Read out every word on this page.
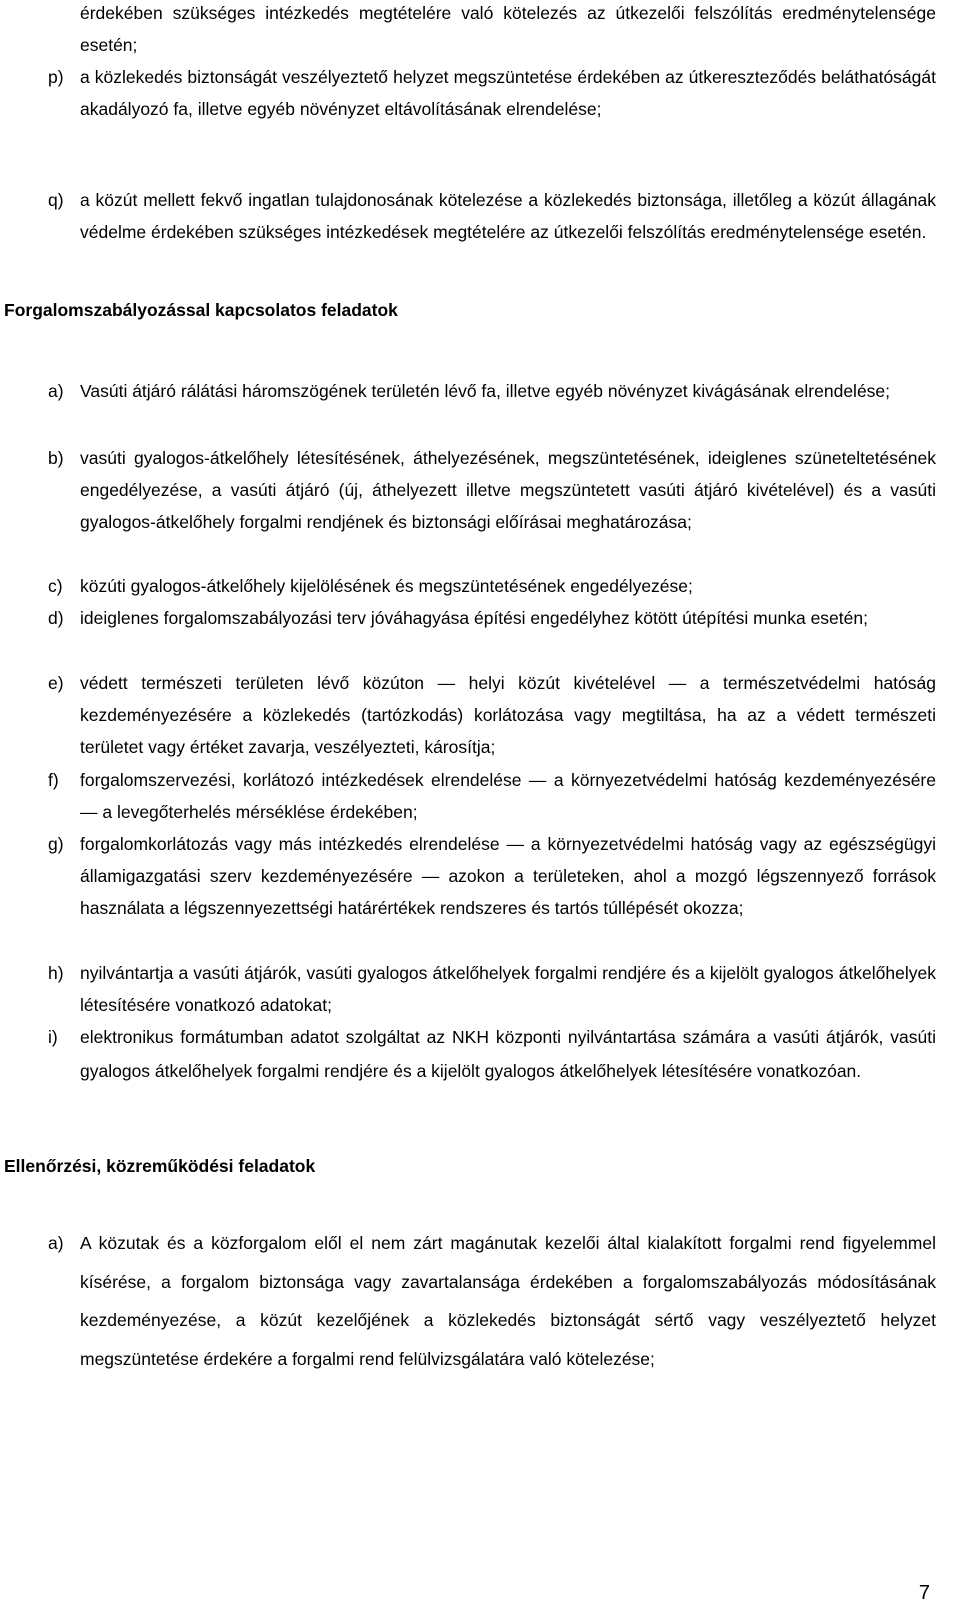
érdekében szükséges intézkedés megtételére való kötelezés az útkezelői felszólítás eredménytelensége esetén;

p) a közlekedés biztonságát veszélyeztető helyzet megszüntetése érdekében az útkereszteződés beláthatóságát akadályozó fa, illetve egyéb növényzet eltávolításának elrendelése;

q) a közút mellett fekvő ingatlan tulajdonosának kötelezése a közlekedés biztonsága, illetőleg a közút állagának védelme érdekében szükséges intézkedések megtételére az útkezelői felszólítás eredménytelensége esetén.

Forgalomszabályozással kapcsolatos feladatok
a) Vasúti átjáró rálátási háromszögének területén lévő fa, illetve egyéb növényzet kivágásának elrendelése;

b) vasúti gyalogos-átkelőhely létesítésének, áthelyezésének, megszüntetésének, ideiglenes szüneteltetésének engedélyezése, a vasúti átjáró (új, áthelyezett illetve megszüntetett vasúti átjáró kivételével) és a vasúti gyalogos-átkelőhely forgalmi rendjének és biztonsági előírásai meghatározása;

c) közúti gyalogos-átkelőhely kijelölésének és megszüntetésének engedélyezése;

d) ideiglenes forgalomszabályozási terv jóváhagyása építési engedélyhez kötött útépítési munka esetén;

e) védett természeti területen lévő közúton ― helyi közút kivételével ― a természetvédelmi hatóság kezdeményezésére a közlekedés (tartózkodás) korlátozása vagy megtiltása, ha az a védett természeti területet vagy értéket zavarja, veszélyezteti, károsítja;

f) forgalomszervezési, korlátozó intézkedések elrendelése ― a környezetvédelmi hatóság kezdeményezésére ― a levegőterhelés mérséklése érdekében;

g) forgalomkorlátozás vagy más intézkedés elrendelése ― a környezetvédelmi hatóság vagy az egészségügyi államigazgatási szerv kezdeményezésére ― azokon a területeken, ahol a mozgó légszennyező források használata a légszennyezettségi határértékek rendszeres és tartós túllépését okozza;

h) nyilvántartja a vasúti átjárók, vasúti gyalogos átkelőhelyek forgalmi rendjére és a kijelölt gyalogos átkelőhelyek létesítésére vonatkozó adatokat;

i) elektronikus formátumban adatot szolgáltat az NKH központi nyilvántartása számára a vasúti átjárók, vasúti gyalogos átkelőhelyek forgalmi rendjére és a kijelölt gyalogos átkelőhelyek létesítésére vonatkozóan.

Ellenőrzési, közreműködési feladatok
a) A közutak és a közforgalom elől el nem zárt magánutak kezelői által kialakított forgalmi rend figyelemmel kísérése, a forgalom biztonsága vagy zavartalansága érdekében a forgalomszabályozás módosításának kezdeményezése, a közút kezelőjének a közlekedés biztonságát sértő vagy veszélyeztető helyzet megszüntetése érdekére a forgalmi rend felülvizsgálatára való kötelezése;

7
